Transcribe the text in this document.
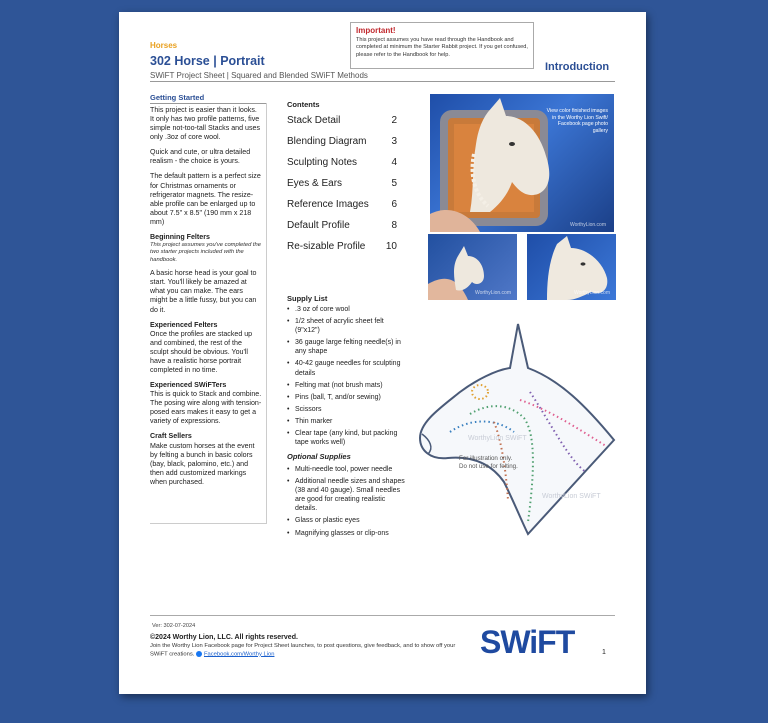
Horses
302 Horse | Portrait
SWiFT Project Sheet | Squared and Blended SWiFT Methods
Introduction
Important!
This project assumes you have read through the Handbook and completed at minimum the Starter Rabbit project. If you get confused, please refer to the Handbook for help.
Getting Started

This project is easier than it looks. It only has two profile patterns, five simple not-too-tall Stacks and uses only .3oz of core wool.

Quick and cute, or ultra detailed realism - the choice is yours.

The default pattern is a perfect size for Christmas ornaments or refrigerator magnets. The resize-able profile can be enlarged up to about 7.5" x 8.5" (190 mm x 218 mm)

Beginning Felters

This project assumes you've completed the two starter projects included with the handbook.

A basic horse head is your goal to start. You'll likely be amazed at what you can make. The ears might be a little fussy, but you can do it.

Experienced Felters

Once the profiles are stacked up and combined, the rest of the sculpt should be obvious. You'll have a realistic horse portrait completed in no time.

Experienced SWiFTers

This is quick to Stack and combine. The posing wire along with tension-posed ears makes it easy to get a variety of expressions.

Craft Sellers

Make custom horses at the event by felting a bunch in basic colors (bay, black, palomino, etc.) and then add customized markings when purchased.

Contents
Stack Detail	2
Blending Diagram 3
Sculpting Notes	4
Eyes & Ears	5
Reference Images 6
Default Profile	8
Re-sizable Profile 10
Supply List
• .3 oz of core wool
• 1/2 sheet of acrylic sheet felt (9"x12")
• 36 gauge large felting needle(s) in any shape
• 40-42 gauge needles for sculpting details
• Felting mat (not brush mats)
• Pins (ball, T, and/or sewing)
• Scissors
• Thin marker
• Clear tape (any kind, but packing tape works well)
Optional Supplies
• Multi-needle tool, power needle
• Additional needle sizes and shapes (38 and 40 gauge). Small needles are good for creating realistic details.
• Glass or plastic eyes
• Magnifying glasses or clip-ons
View color finished images in the Worthy Lion Swift/ Facebook page photo gallery
WorthyLion.com
WorthyLion.com	WorthyLion.com
WorthyLion SWiFT
WorthyLion SWiFT
For illustration only. Do not use for felting.
Ver: 302-07-2024
©2024 Worthy Lion, LLC. All rights reserved.
Join the Worthy Lion Facebook page for Project Sheet launches, to post questions, give feedback, and to show off your SWiFT creations. Facebook.com/Worthy Lion	SWiFT	1
